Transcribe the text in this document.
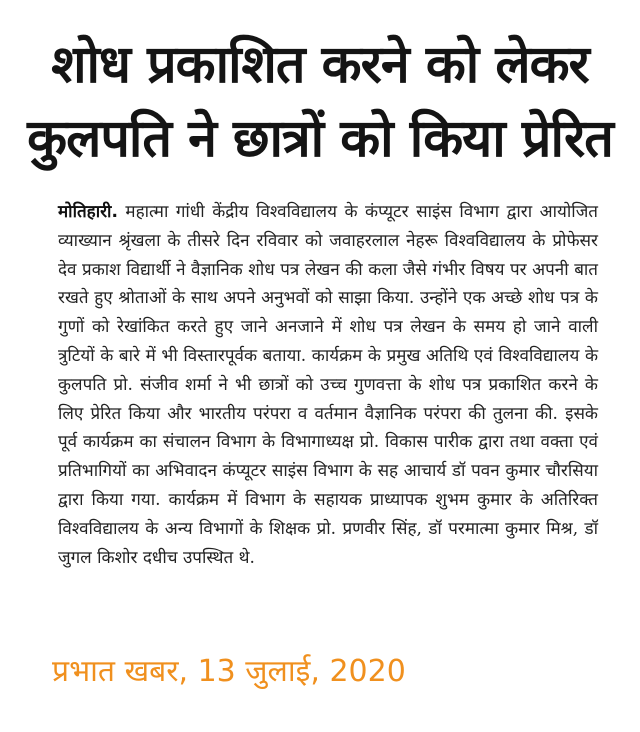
शोध प्रकाशित करने को लेकर
कुलपति ने छात्रों को किया प्रेरित

मोतिहारी. महात्मा गांधी केंद्रीय विश्वविद्यालय के कंप्यूटर साइंस विभाग द्वारा आयोजित व्याख्यान श्रृंखला के तीसरे दिन रविवार को जवाहरलाल नेहरू विश्वविद्यालय के प्रोफेसर देव प्रकाश विद्यार्थी ने वैज्ञानिक शोध पत्र लेखन की कला जैसे गंभीर विषय पर अपनी बात रखते हुए श्रोताओं के साथ अपने अनुभवों को साझा किया. उन्होंने एक अच्छे शोध पत्र के गुणों को रेखांकित करते हुए जाने अनजाने में शोध पत्र लेखन के समय हो जाने वाली त्रुटियों के बारे में भी विस्तारपूर्वक बताया. कार्यक्रम के प्रमुख अतिथि एवं विश्वविद्यालय के कुलपति प्रो. संजीव शर्मा ने भी छात्रों को उच्च गुणवत्ता के शोध पत्र प्रकाशित करने के लिए प्रेरित किया और भारतीय परंपरा व वर्तमान वैज्ञानिक परंपरा की तुलना की. इसके पूर्व कार्यक्रम का संचालन विभाग के विभागाध्यक्ष प्रो. विकास पारीक द्वारा तथा वक्ता एवं प्रतिभागियों का अभिवादन कंप्यूटर साइंस विभाग के सह आचार्य डॉ पवन कुमार चौरसिया द्वारा किया गया. कार्यक्रम में विभाग के सहायक प्राध्यापक शुभम कुमार के अतिरिक्त विश्वविद्यालय के अन्य विभागों के शिक्षक प्रो. प्रणवीर सिंह, डॉ परमात्मा कुमार मिश्र, डॉ जुगल किशोर दधीच उपस्थित थे.

प्रभात खबर, 13 जुलाई, 2020
